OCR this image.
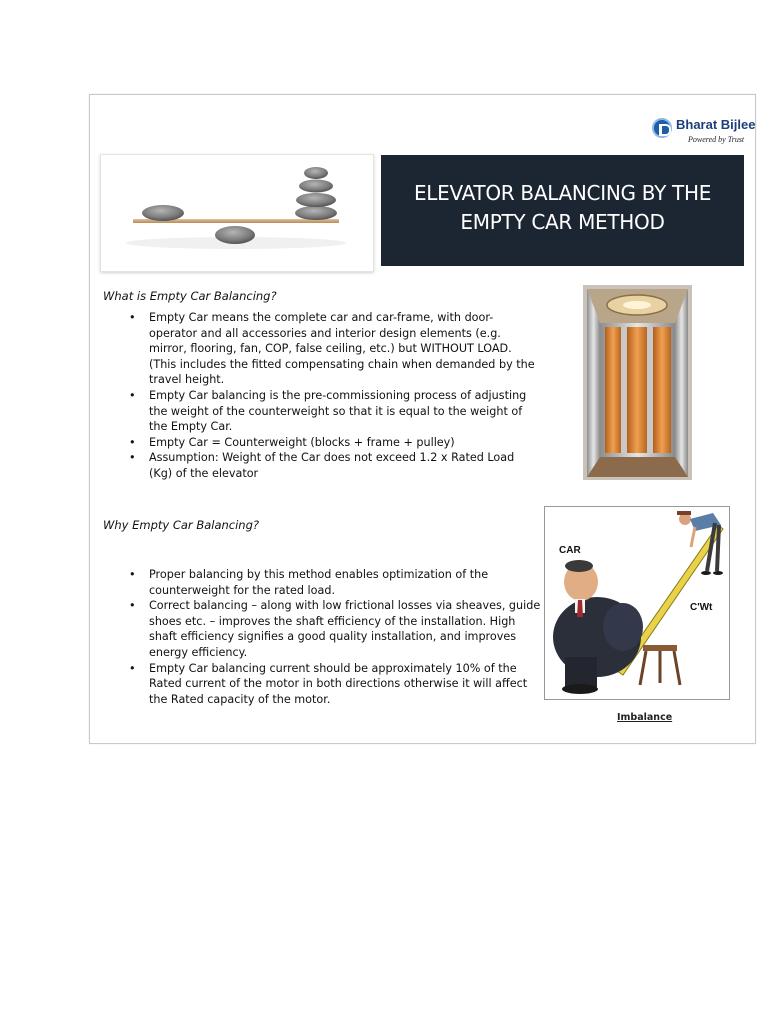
Bharat Bijlee
Powered by Trust
ELEVATOR BALANCING BY THE
EMPTY CAR METHOD
What is Empty Car Balancing?
• Empty Car means the complete car and car-frame, with door-operator and all accessories and interior design elements (e.g. mirror, flooring, fan, COP, false ceiling, etc.) but WITHOUT LOAD. (This includes the fitted compensating chain when demanded by the travel height.
• Empty Car balancing is the pre-commissioning process of adjusting the weight of the counterweight so that it is equal to the weight of the Empty Car.
• Empty Car = Counterweight (blocks + frame + pulley)
• Assumption: Weight of the Car does not exceed 1.2 x Rated Load (Kg) of the elevator
Why Empty Car Balancing?
• Proper balancing by this method enables optimization of the counterweight for the rated load.
• Correct balancing – along with low frictional losses via sheaves, guide shoes etc. – improves the shaft efficiency of the installation. High shaft efficiency signifies a good quality installation, and improves energy efficiency.
• Empty Car balancing current should be approximately 10% of the Rated current of the motor in both directions otherwise it will affect the Rated capacity of the motor.
CAR
C'Wt
Imbalance
